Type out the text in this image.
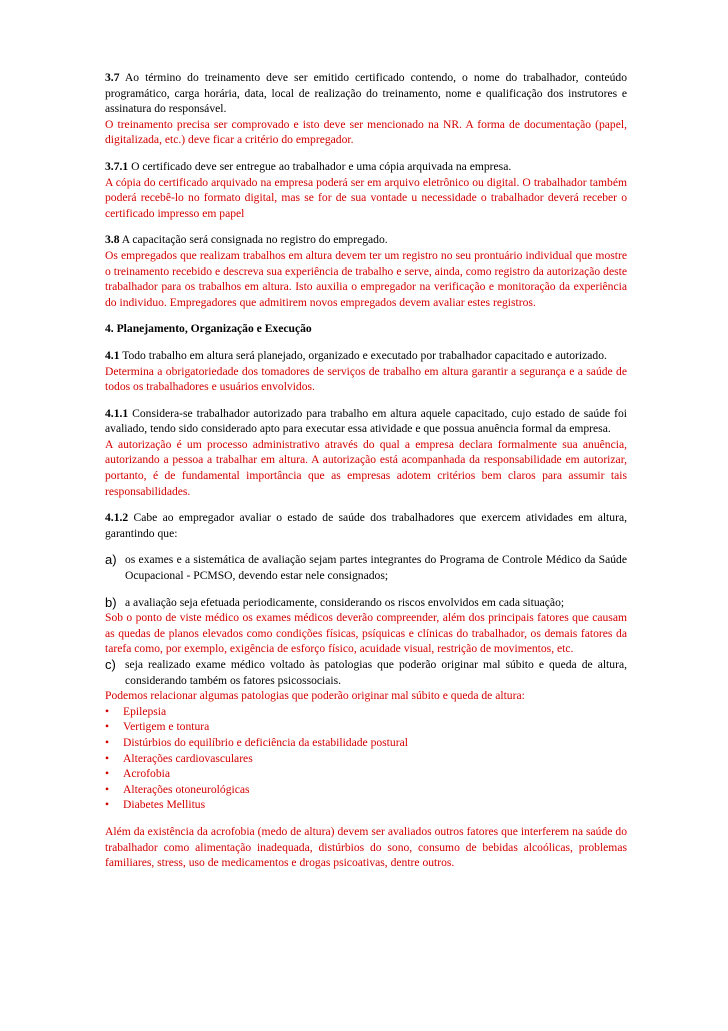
3.7 Ao término do treinamento deve ser emitido certificado contendo, o nome do trabalhador, conteúdo programático, carga horária, data, local de realização do treinamento, nome e qualificação dos instrutores e assinatura do responsável.

O treinamento precisa ser comprovado e isto deve ser mencionado na NR. A forma de documentação (papel, digitalizada, etc.) deve ficar a critério do empregador.

3.7.1 O certificado deve ser entregue ao trabalhador e uma cópia arquivada na empresa.

A cópia do certificado arquivado na empresa poderá ser em arquivo eletrônico ou digital. O trabalhador também poderá recebê-lo no formato digital, mas se for de sua vontade u necessidade o trabalhador deverá receber o certificado impresso em papel

3.8 A capacitação será consignada no registro do empregado.

Os empregados que realizam trabalhos em altura devem ter um registro no seu prontuário individual que mostre o treinamento recebido e descreva sua experiência de trabalho e serve, ainda, como registro da autorização deste trabalhador para os trabalhos em altura. Isto auxilia o empregador na verificação e monitoração da experiência do individuo. Empregadores que admitirem novos empregados devem avaliar estes registros.

4. Planejamento, Organização e Execução

4.1 Todo trabalho em altura será planejado, organizado e executado por trabalhador capacitado e autorizado.

Determina a obrigatoriedade dos tomadores de serviços de trabalho em altura garantir a segurança e a saúde de todos os trabalhadores e usuários envolvidos.

4.1.1 Considera-se trabalhador autorizado para trabalho em altura aquele capacitado, cujo estado de saúde foi avaliado, tendo sido considerado apto para executar essa atividade e que possua anuência formal da empresa.

A autorização é um processo administrativo através do qual a empresa declara formalmente sua anuência, autorizando a pessoa a trabalhar em altura. A autorização está acompanhada da responsabilidade em autorizar, portanto, é de fundamental importância que as empresas adotem critérios bem claros para assumir tais responsabilidades.

4.1.2 Cabe ao empregador avaliar o estado de saúde dos trabalhadores que exercem atividades em altura, garantindo que:

a) os exames e a sistemática de avaliação sejam partes integrantes do Programa de Controle Médico da Saúde Ocupacional - PCMSO, devendo estar nele consignados;
b) a avaliação seja efetuada periodicamente, considerando os riscos envolvidos em cada situação;

Sob o ponto de viste médico os exames médicos deverão compreender, além dos principais fatores que causam as quedas de planos elevados como condições físicas, psíquicas e clínicas do trabalhador, os demais fatores da tarefa como, por exemplo, exigência de esforço físico, acuidade visual, restrição de movimentos, etc.

c) seja realizado exame médico voltado às patologias que poderão originar mal súbito e queda de altura, considerando também os fatores psicossociais.

Podemos relacionar algumas patologias que poderão originar mal súbito e queda de altura:

•	Epilepsia
•	Vertigem e tontura
•	Distúrbios do equilíbrio e deficiência da estabilidade postural
•	Alterações cardiovasculares
•	Acrofobia
•	Alterações otoneurológicas
•	Diabetes Mellitus

Além da existência da acrofobia (medo de altura) devem ser avaliados outros fatores que interferem na saúde do trabalhador como alimentação inadequada, distúrbios do sono, consumo de bebidas alcoólicas, problemas familiares, stress, uso de medicamentos e drogas psicoativas, dentre outros.
